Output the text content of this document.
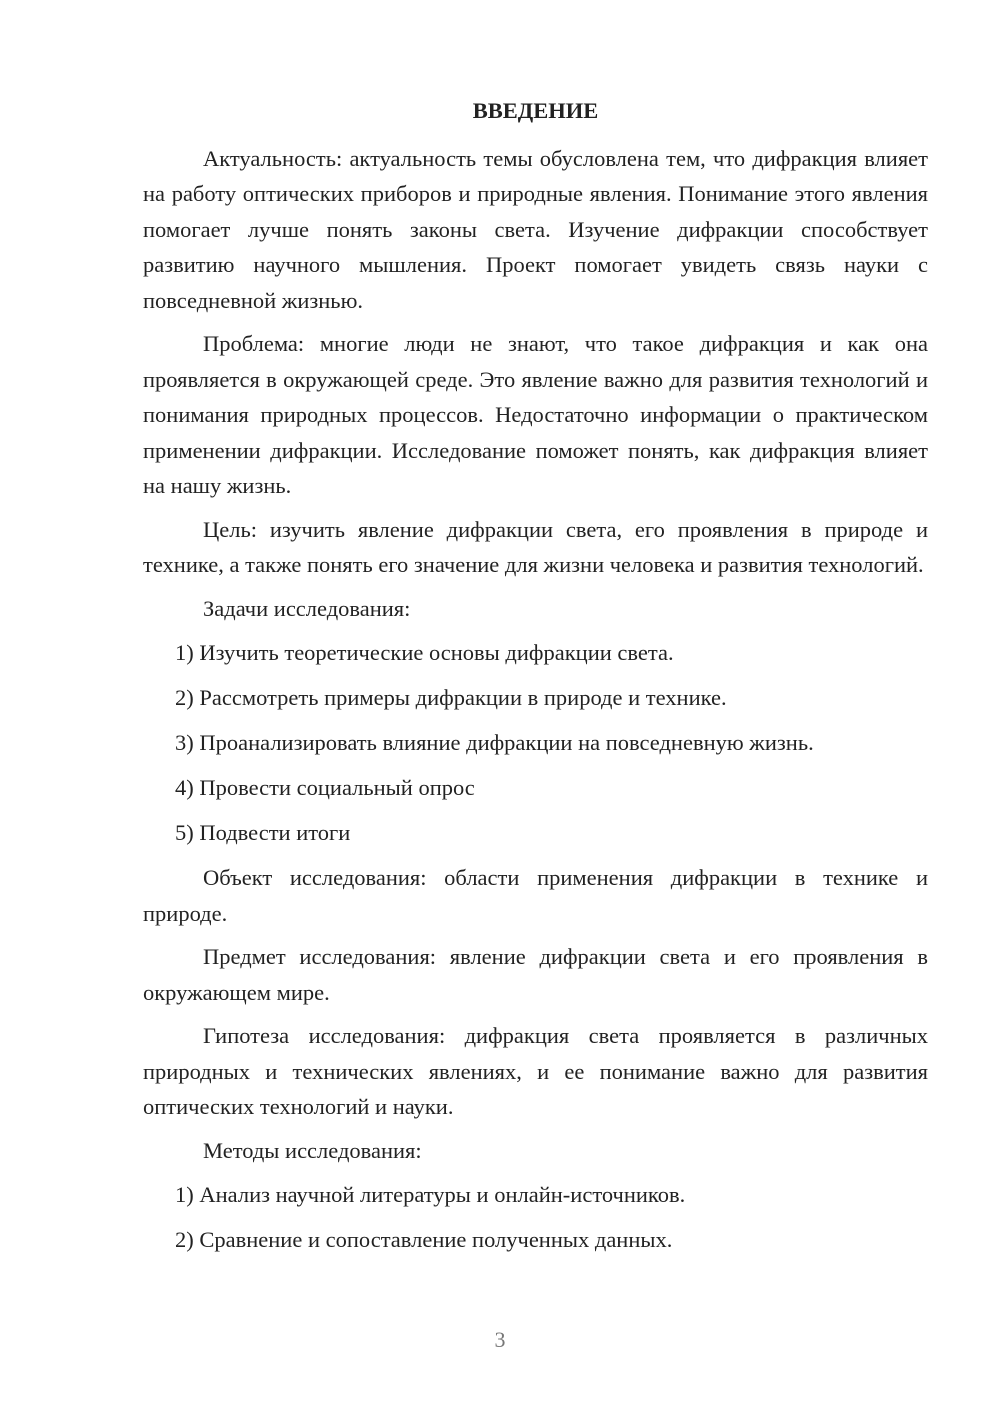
ВВЕДЕНИЕ

Актуальность: актуальность темы обусловлена тем, что дифракция влияет на работу оптических приборов и природные явления. Понимание этого явления помогает лучше понять законы света. Изучение дифракции способствует развитию научного мышления. Проект помогает увидеть связь науки с повседневной жизнью.

Проблема: многие люди не знают, что такое дифракция и как она проявляется в окружающей среде. Это явление важно для развития технологий и понимания природных процессов. Недостаточно информации о практическом применении дифракции. Исследование поможет понять, как дифракция влияет на нашу жизнь.

Цель: изучить явление дифракции света, его проявления в природе и технике, а также понять его значение для жизни человека и развития технологий.

Задачи исследования:

1) Изучить теоретические основы дифракции света.

2) Рассмотреть примеры дифракции в природе и технике.

3) Проанализировать влияние дифракции на повседневную жизнь.

4) Провести социальный опрос

5) Подвести итоги

Объект исследования: области применения дифракции в технике и природе.

Предмет исследования: явление дифракции света и его проявления в окружающем мире.

Гипотеза исследования: дифракция света проявляется в различных природных и технических явлениях, и ее понимание важно для развития оптических технологий и науки.

Методы исследования:

1) Анализ научной литературы и онлайн-источников.

2) Сравнение и сопоставление полученных данных.

3
